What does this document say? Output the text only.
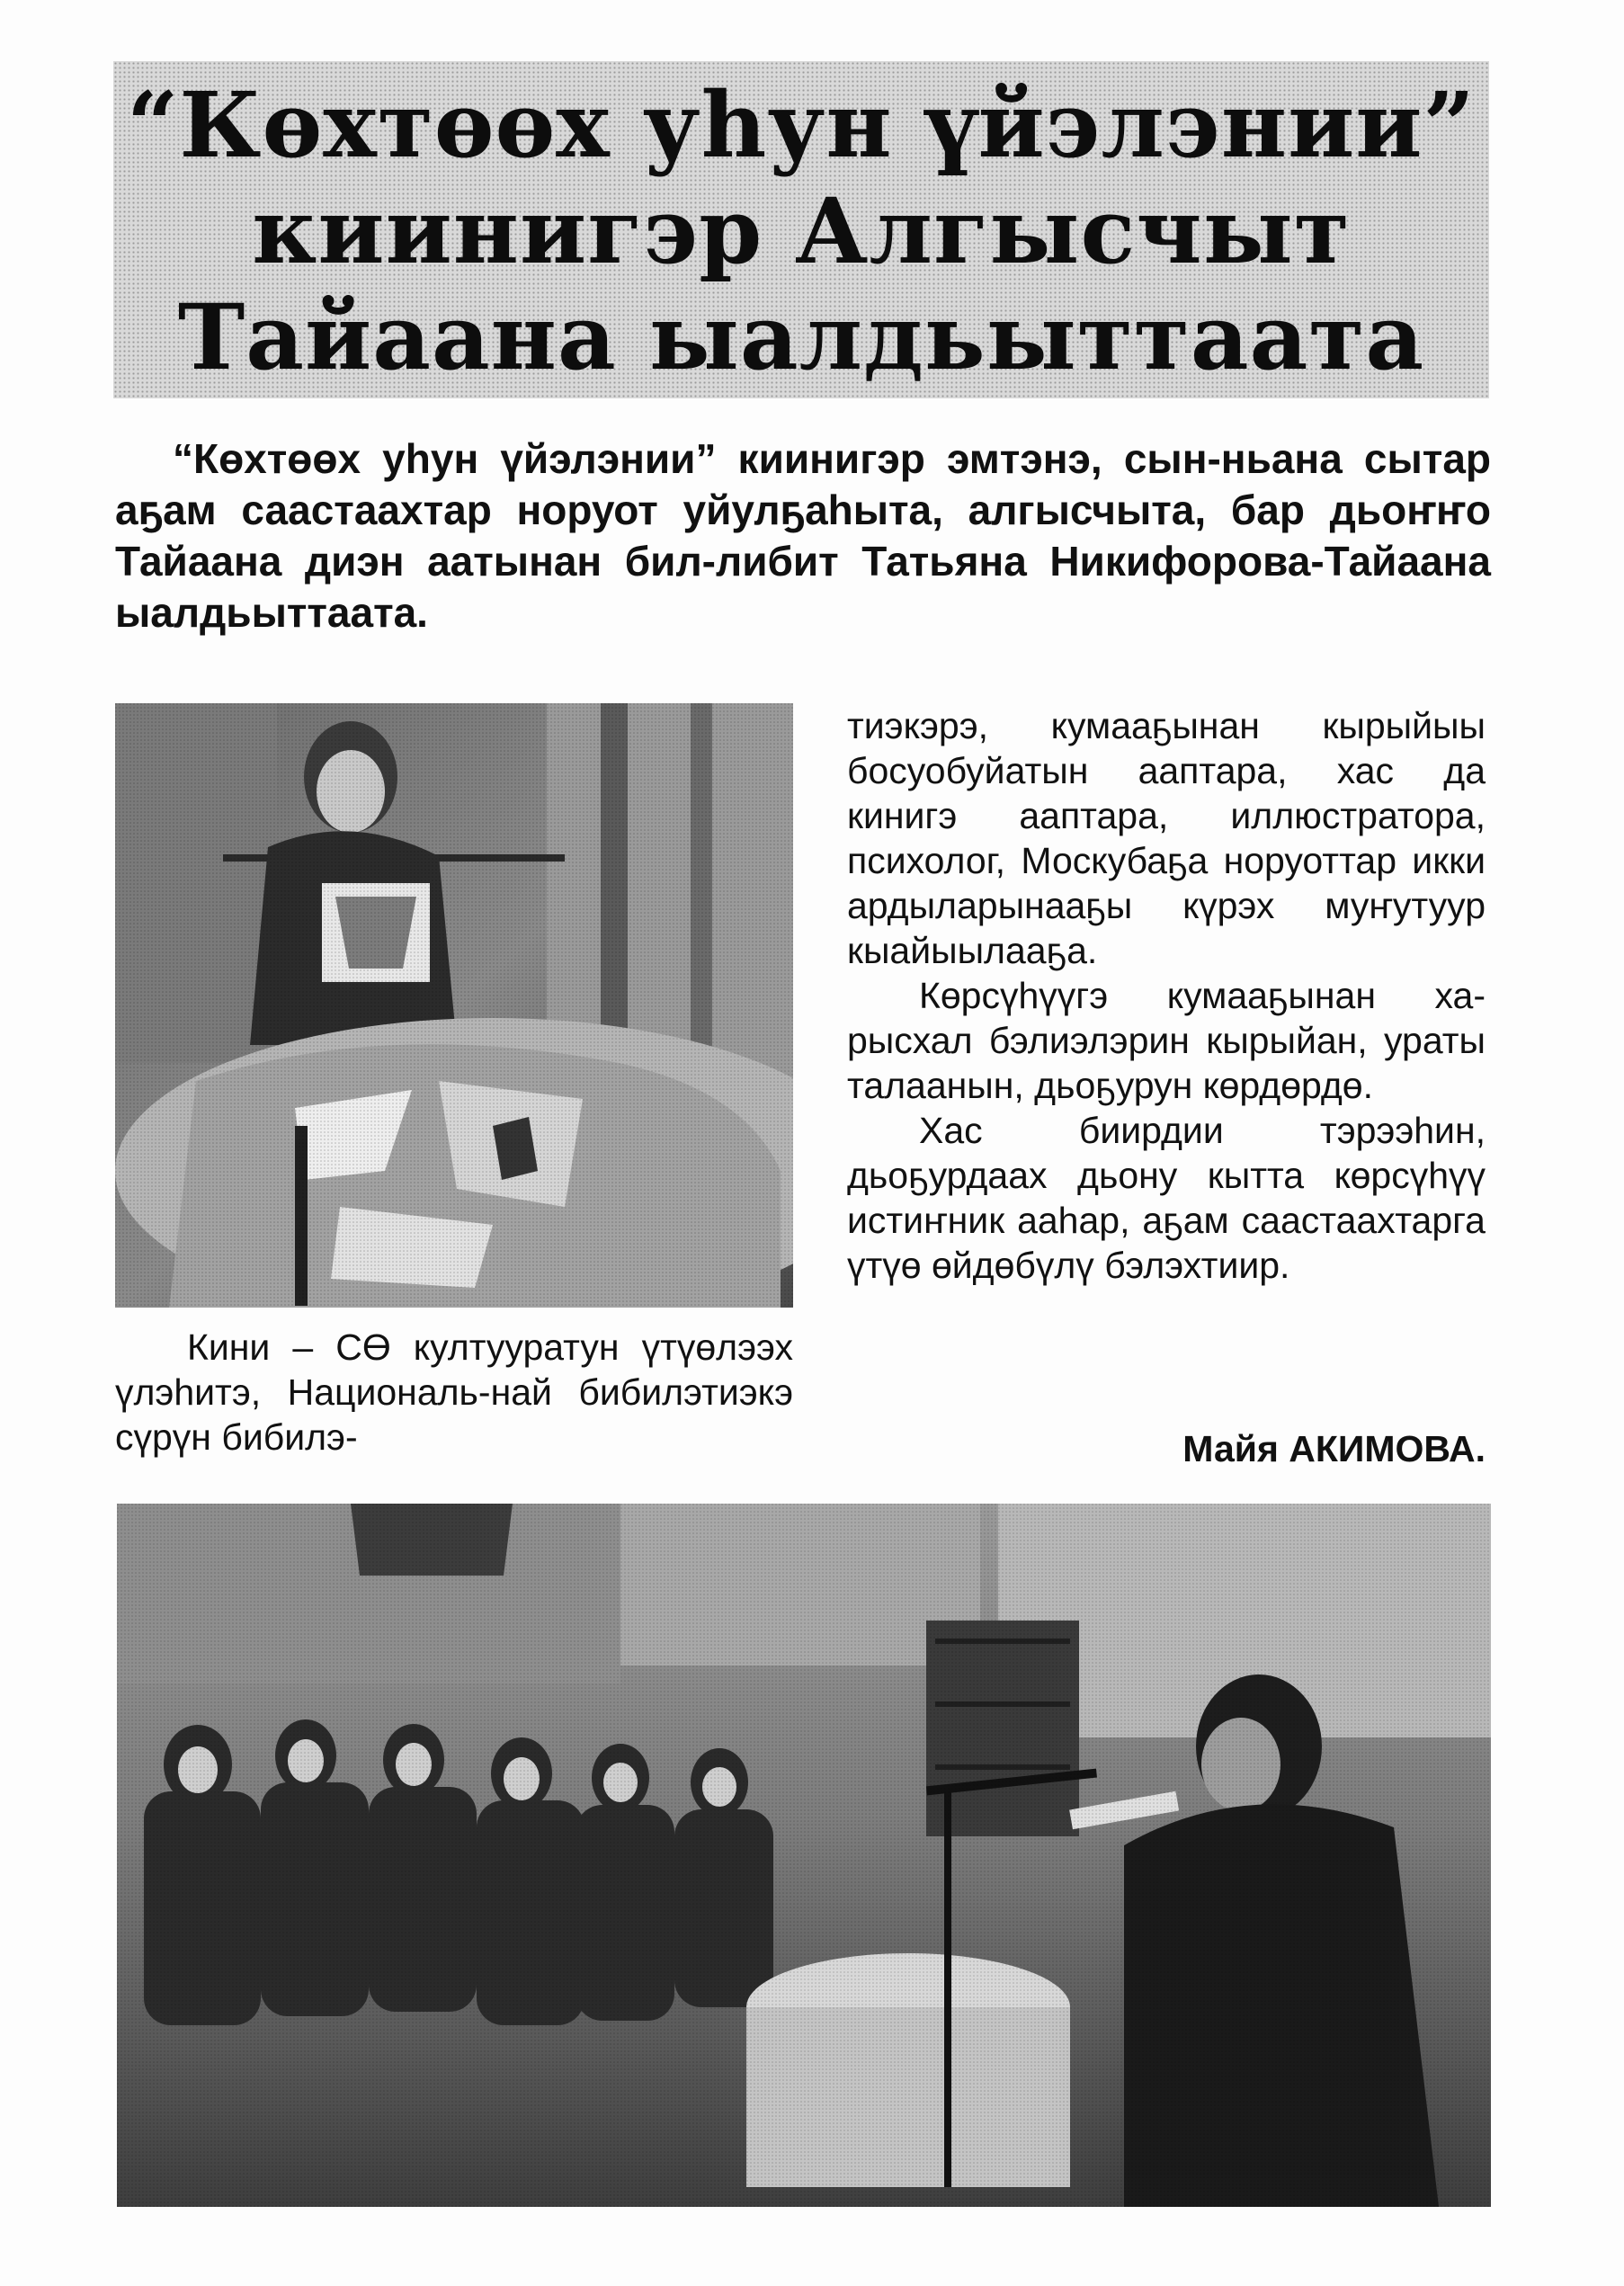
“Көхтөөх уһун үйэлэнии”
киинигэр Алгысчыт
Тайаана ыалдьыттаата

“Көхтөөх уһун үйэлэнии” киинигэр эмтэнэ, сын-ньана сытар аҕам саастаахтар норуот уйулҕаһыта, алгысчыта, бар дьоҥҥо Тайаана диэн аатынан бил-либит Татьяна Никифорова-Тайаана ыалдьыттаата.

Кини – СӨ култууратун үтүөлээх үлэһитэ, Националь-най бибилэтиэкэ сүрүн бибилэ-

тиэкэрэ, кумааҕынан кырыйыы босуобуйатын ааптара, хас да кинигэ ааптара, иллюстратора, психолог, Москубаҕа норуоттар икки ардыларынааҕы күрэх муҥутуур кыайыылааҕа.

Көрсүһүүгэ кумааҕынан ха-рысхал бэлиэлэрин кырыйан, ураты талаанын, дьоҕурун көрдөрдө.

Хас биирдии тэрээһин, дьоҕурдаах дьону кытта көрсүһүү истиҥник ааһар, аҕам саастаахтарга үтүө өйдөбүлү бэлэхтиир.

Майя АКИМОВА.
